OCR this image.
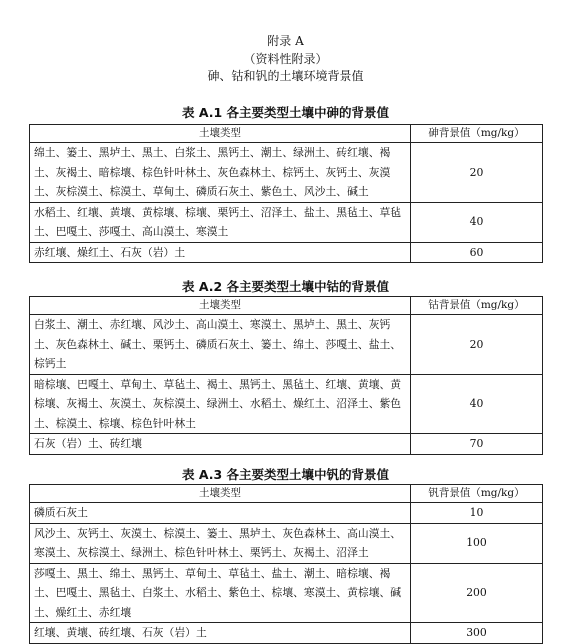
附录 A
（资料性附录）
砷、钴和钒的土壤环境背景值
表 A.1 各主要类型土壤中砷的背景值
土壤类型	砷背景值（mg/kg）
绵土、篓土、黑垆土、黑土、白浆土、黑钙土、潮土、绿洲土、砖红壤、褐土、灰褐土、暗棕壤、棕色针叶林土、灰色森林土、棕钙土、灰钙土、灰漠土、灰棕漠土、棕漠土、草甸土、磷质石灰土、紫色土、风沙土、碱土	20
水稻土、红壤、黄壤、黄棕壤、棕壤、栗钙土、沼泽土、盐土、黑毡土、草毡土、巴嘎土、莎嘎土、高山漠土、寒漠土	40
赤红壤、燥红土、石灰（岩）土	60
表 A.2 各主要类型土壤中钴的背景值
土壤类型	钴背景值（mg/kg）
白浆土、潮土、赤红壤、风沙土、高山漠土、寒漠土、黑垆土、黑土、灰钙土、灰色森林土、碱土、栗钙土、磷质石灰土、篓土、绵土、莎嘎土、盐土、棕钙土	20
暗棕壤、巴嘎土、草甸土、草毡土、褐土、黑钙土、黑毡土、红壤、黄壤、黄棕壤、灰褐土、灰漠土、灰棕漠土、绿洲土、水稻土、燥红土、沼泽土、紫色土、棕漠土、棕壤、棕色针叶林土	40
石灰（岩）土、砖红壤	70
表 A.3 各主要类型土壤中钒的背景值
土壤类型	钒背景值（mg/kg）
磷质石灰土	10
风沙土、灰钙土、灰漠土、棕漠土、篓土、黑垆土、灰色森林土、高山漠土、寒漠土、灰棕漠土、绿洲土、棕色针叶林土、栗钙土、灰褐土、沼泽土	100
莎嘎土、黑土、绵土、黑钙土、草甸土、草毡土、盐土、潮土、暗棕壤、褐土、巴嘎土、黑毡土、白浆土、水稻土、紫色土、棕壤、寒漠土、黄棕壤、碱土、燥红土、赤红壤	200
红壤、黄壤、砖红壤、石灰（岩）土	300
